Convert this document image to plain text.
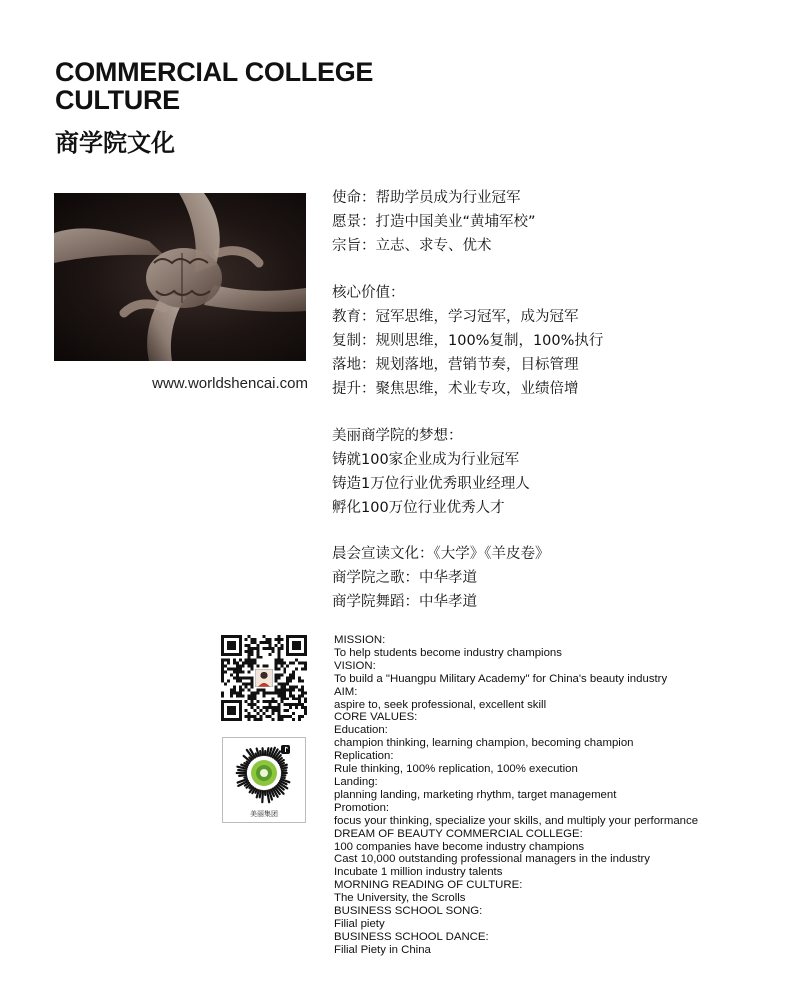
COMMERCIAL COLLEGE
CULTURE
商学院文化

www.worldshencai.com

使命：帮助学员成为行业冠军
愿景：打造中国美业“黄埔军校”
宗旨：立志、求专、优术
核心价值：
教育：冠军思维，学习冠军，成为冠军
复制：规则思维，100%复制，100%执行
落地：规划落地，营销节奏，目标管理
提升：聚焦思维，术业专攻，业绩倍增
美丽商学院的梦想：
铸就100家企业成为行业冠军
铸造1万位行业优秀职业经理人
孵化100万位行业优秀人才
晨会宣读文化：《大学》《羊皮卷》
商学院之歌：中华孝道
商学院舞蹈：中华孝道
美丽集团
MISSION:
To help students become industry champions
VISION:
To build a "Huangpu Military Academy" for China's beauty industry
AIM:
aspire to, seek professional, excellent skill
CORE VALUES:
Education:
champion thinking, learning champion, becoming champion
Replication:
Rule thinking, 100% replication, 100% execution
Landing:
planning landing, marketing rhythm, target management
Promotion:
focus your thinking, specialize your skills, and multiply your performance
DREAM OF BEAUTY COMMERCIAL COLLEGE:
100 companies have become industry champions
Cast 10,000 outstanding professional managers in the industry
Incubate 1 million industry talents
MORNING READING OF CULTURE:
The University, the Scrolls
BUSINESS SCHOOL SONG:
Filial piety
BUSINESS SCHOOL DANCE:
Filial Piety in China
